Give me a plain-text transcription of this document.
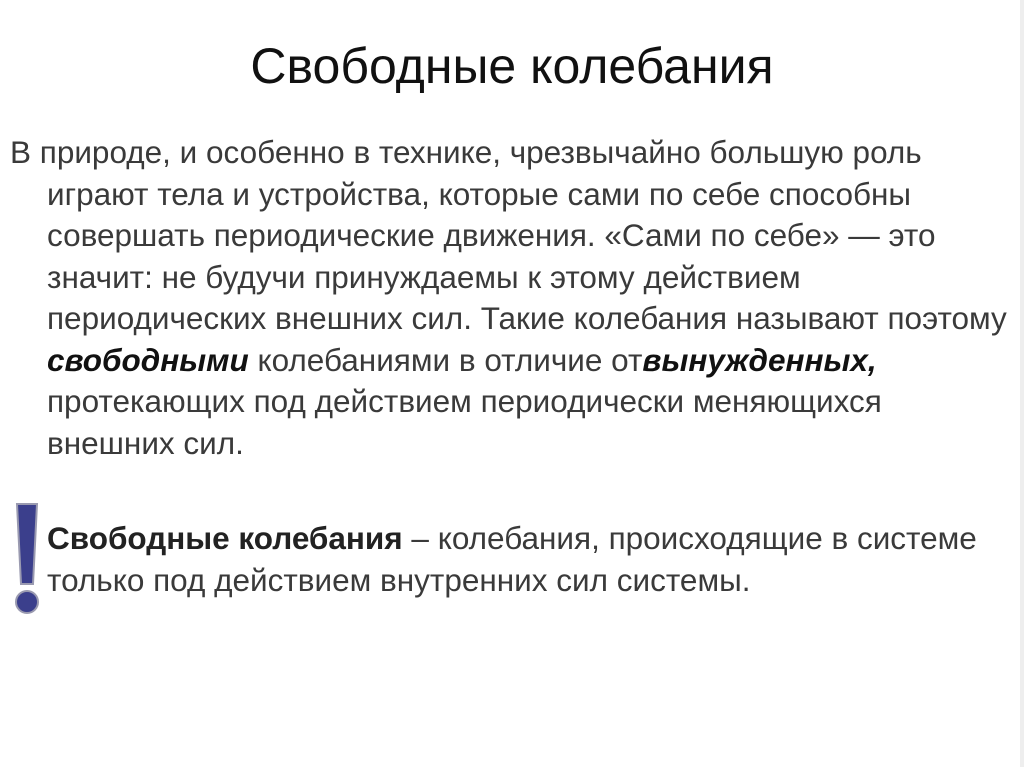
Свободные колебания

В природе, и особенно в технике, чрезвычайно большую роль играют тела и устройства, которые сами по себе способны совершать периодические движения. «Сами по себе» — это значит: не будучи принуждаемы к этому действием периодических внешних сил. Такие колебания называют поэтому свободными колебаниями в отличие отвынужденных, протекающих под действием периодически меняющихся внешних сил.

Свободные колебания – колебания, происходящие в системе только под действием внутренних сил системы.
